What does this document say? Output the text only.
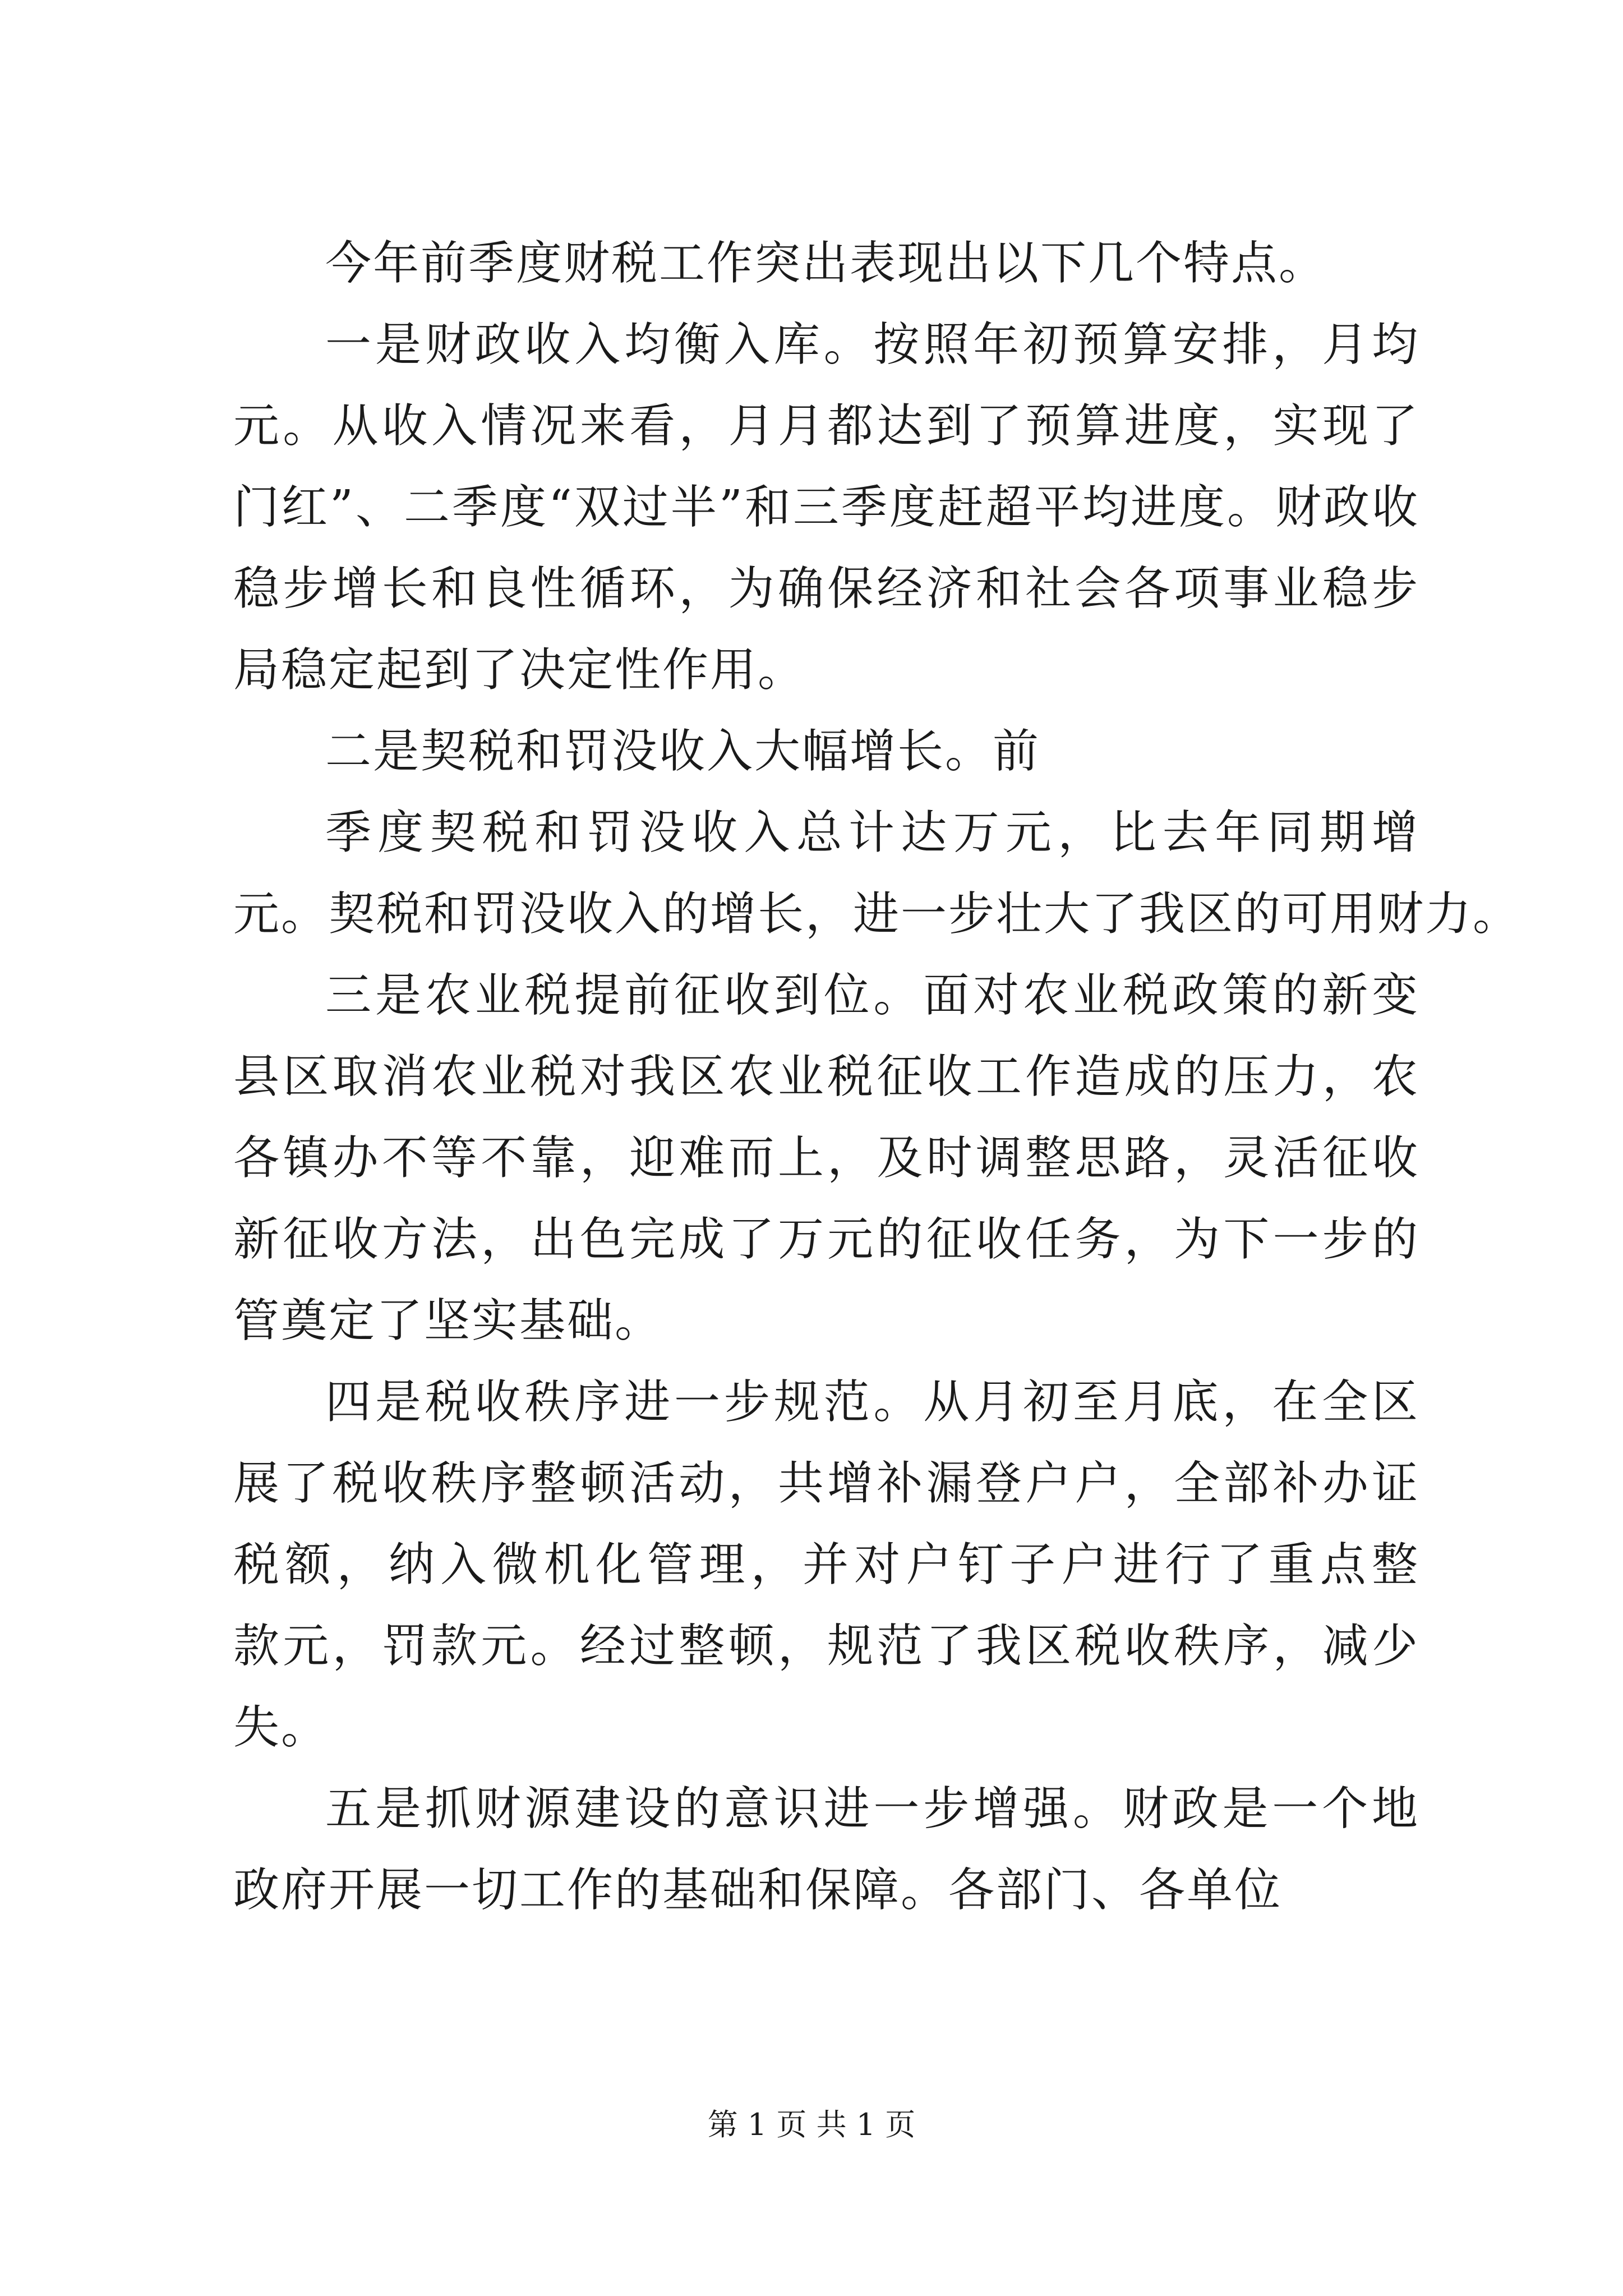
今年前季度财税工作突出表现出以下几个特点。
一是财政收入均衡入库。按照年初预算安排，月均
元。从收入情况来看，月月都达到了预算进度，实现了
门红”、二季度“双过半”和三季度赶超平均进度。财政收
稳步增长和良性循环，为确保经济和社会各项事业稳步
局稳定起到了决定性作用。
二是契税和罚没收入大幅增长。前
季度契税和罚没收入总计达万元，比去年同期增
元。契税和罚没收入的增长，进一步壮大了我区的可用财力。
三是农业税提前征收到位。面对农业税政策的新变
县区取消农业税对我区农业税征收工作造成的压力，农
各镇办不等不靠，迎难而上，及时调整思路，灵活征收
新征收方法，出色完成了万元的征收任务，为下一步的
管奠定了坚实基础。
四是税收秩序进一步规范。从月初至月底，在全区
展了税收秩序整顿活动，共增补漏登户户，全部补办证
税额，纳入微机化管理，并对户钉子户进行了重点整
款元，罚款元。经过整顿，规范了我区税收秩序，减少
失。
五是抓财源建设的意识进一步增强。财政是一个地
政府开展一切工作的基础和保障。各部门、各单位
第 1 页 共 1 页
